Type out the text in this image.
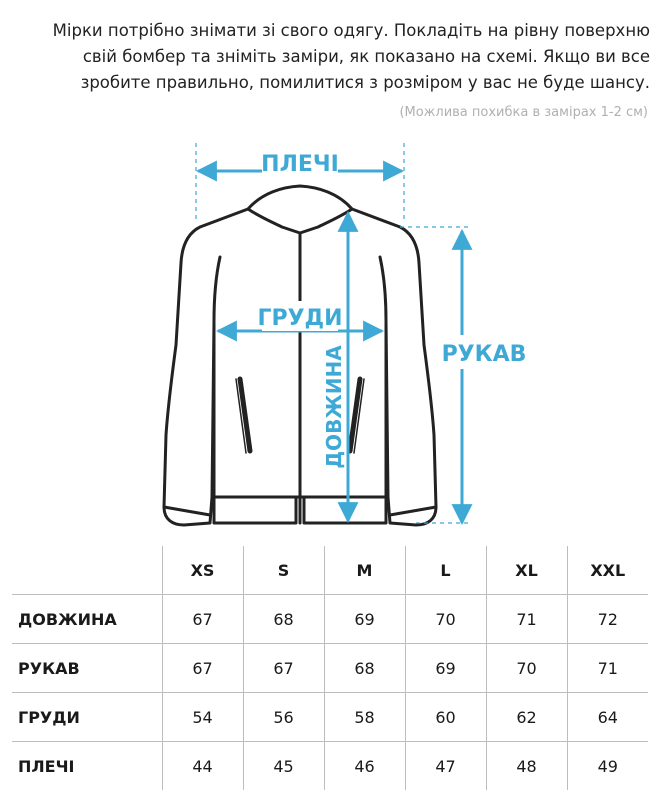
Мірки потрібно знімати зі свого одягу. Покладіть на рівну поверхню
свій бомбер та зніміть заміри, як показано на схемі. Якщо ви все
зробите правильно, помилитися з розміром у вас не буде шансу.
(Можлива похибка в замірах 1-2 см)
ПЛЕЧІ
ГРУДИ
РУКАВ
ДОВЖИНА
	XS	S	M	L	XL	XXL
ДОВЖИНА	67	68	69	70	71	72
РУКАВ	67	67	68	69	70	71
ГРУДИ	54	56	58	60	62	64
ПЛЕЧІ	44	45	46	47	48	49
